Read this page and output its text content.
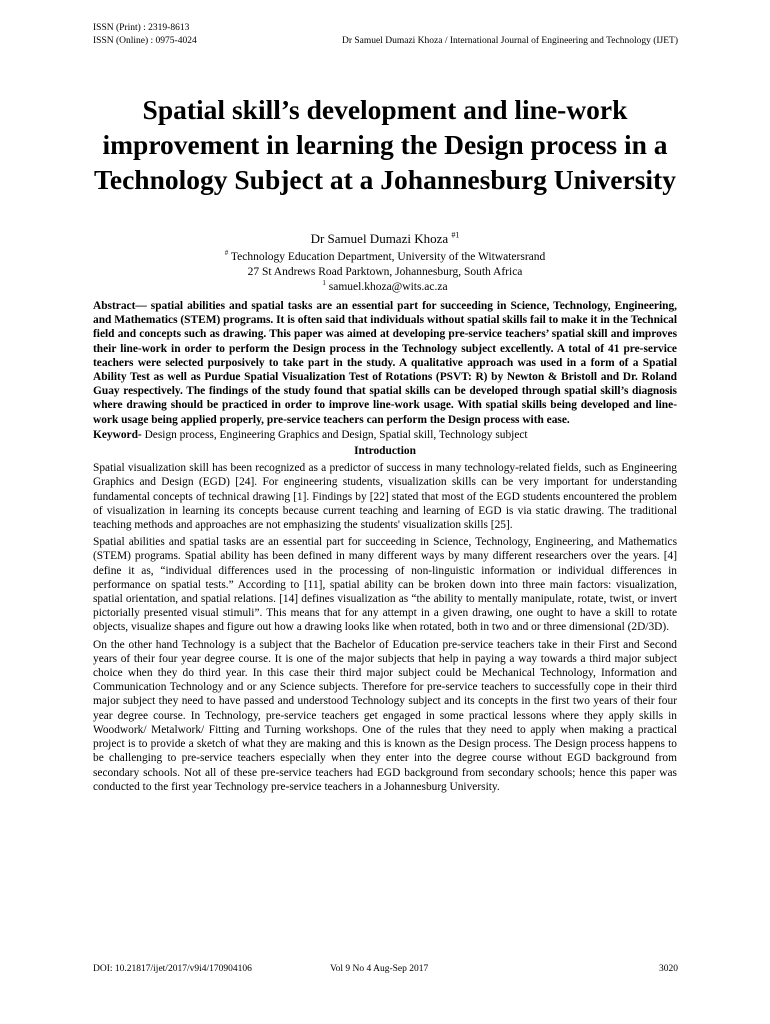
ISSN (Print) : 2319-8613
ISSN (Online) : 0975-4024	Dr Samuel Dumazi Khoza / International Journal of Engineering and Technology (IJET)
Spatial skill’s development and line-work improvement in learning the Design process in a Technology Subject at a Johannesburg University
Dr Samuel Dumazi Khoza $^{\#1}$
# Technology Education Department, University of the Witwatersrand
27 St Andrews Road Parktown, Johannesburg, South Africa
$^1$ samuel.khoza@wits.ac.za

Abstract— spatial abilities and spatial tasks are an essential part for succeeding in Science, Technology, Engineering, and Mathematics (STEM) programs. It is often said that individuals without spatial skills fail to make it in the Technical field and concepts such as drawing. This paper was aimed at developing pre-service teachers’ spatial skill and improves their line-work in order to perform the Design process in the Technology subject excellently. A total of 41 pre-service teachers were selected purposively to take part in the study. A qualitative approach was used in a form of a Spatial Ability Test as well as Purdue Spatial Visualization Test of Rotations (PSVT: R) by Newton & Bristoll and Dr. Roland Guay respectively. The findings of the study found that spatial skills can be developed through spatial skill’s diagnosis where drawing should be practiced in order to improve line-work usage. With spatial skills being developed and line-work usage being applied properly, pre-service teachers can perform the Design process with ease.

Keyword- Design process, Engineering Graphics and Design, Spatial skill, Technology subject

Introduction

Spatial visualization skill has been recognized as a predictor of success in many technology-related fields, such as Engineering Graphics and Design (EGD) [24]. For engineering students, visualization skills can be very important for understanding fundamental concepts of technical drawing [1]. Findings by [22] stated that most of the EGD students encountered the problem of visualization in learning its concepts because current teaching and learning of EGD is via static drawing. The traditional teaching methods and approaches are not emphasizing the students' visualization skills [25].

Spatial abilities and spatial tasks are an essential part for succeeding in Science, Technology, Engineering, and Mathematics (STEM) programs. Spatial ability has been defined in many different ways by many different researchers over the years. [4] define it as, “individual differences used in the processing of non-linguistic information or individual differences in performance on spatial tests.” According to [11], spatial ability can be broken down into three main factors: visualization, spatial orientation, and spatial relations. [14] defines visualization as “the ability to mentally manipulate, rotate, twist, or invert pictorially presented visual stimuli”. This means that for any attempt in a given drawing, one ought to have a skill to rotate objects, visualize shapes and figure out how a drawing looks like when rotated, both in two and or three dimensional (2D/3D).

On the other hand Technology is a subject that the Bachelor of Education pre-service teachers take in their First and Second years of their four year degree course. It is one of the major subjects that help in paying a way towards a third major subject choice when they do third year. In this case their third major subject could be Mechanical Technology, Information and Communication Technology and or any Science subjects. Therefore for pre-service teachers to successfully cope in their third major subject they need to have passed and understood Technology subject and its concepts in the first two years of their four year degree course. In Technology, pre-service teachers get engaged in some practical lessons where they apply skills in Woodwork/ Metalwork/ Fitting and Turning workshops. One of the rules that they need to apply when making a practical project is to provide a sketch of what they are making and this is known as the Design process. The Design process happens to be challenging to pre-service teachers especially when they enter into the degree course without EGD background from secondary schools. Not all of these pre-service teachers had EGD background from secondary schools; hence this paper was conducted to the first year Technology pre-service teachers in a Johannesburg University.

DOI: 10.21817/ijet/2017/v9i4/170904106	Vol 9 No 4 Aug-Sep 2017	3020
